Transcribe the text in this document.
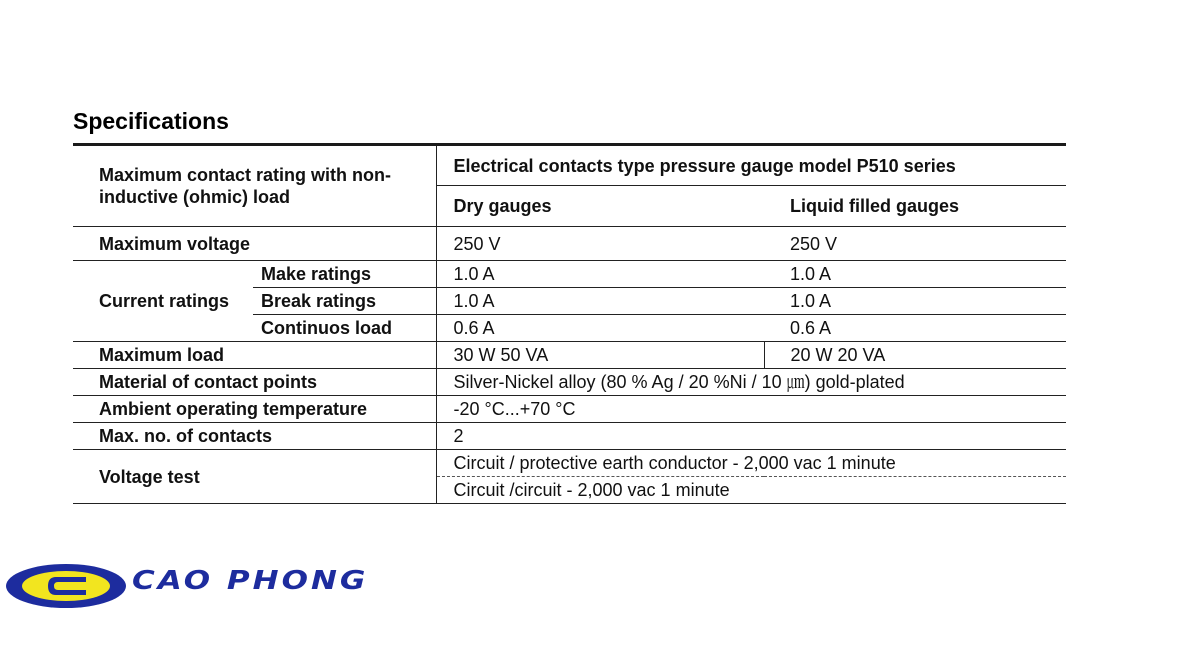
Specifications
Maximum contact rating with non-inductive (ohmic) load		Electrical contacts type pressure gauge model P510 series	
		Dry gauges	Liquid filled gauges
Maximum voltage		250 V	250 V
Current ratings	Make ratings	1.0 A	1.0 A
	Break ratings	1.0 A	1.0 A
	Continuos load	0.6 A	0.6 A
Maximum load		30 W 50 VA	20 W 20 VA
Material of contact points		Silver-Nickel alloy (80 % Ag / 20 %Ni / 10 ㎛) gold-plated	
Ambient operating temperature		-20 °C...+70 °C	
Max. no. of contacts		2	
Voltage test		Circuit / protective earth conductor - 2,000 vac 1 minute	
		Circuit /circuit - 2,000 vac 1 minute	
CAO PHONG
